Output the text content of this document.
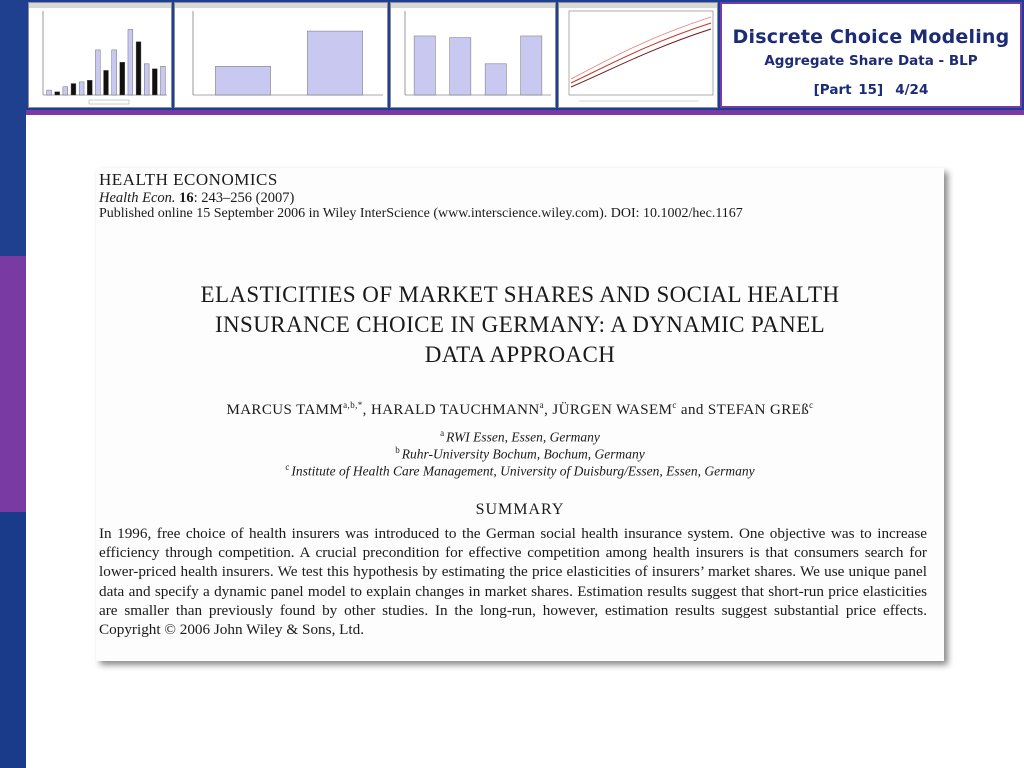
Discrete Choice Modeling
Aggregate Share Data - BLP
[Part 15] 4/24
HEALTH ECONOMICS
Health Econ. 16: 243–256 (2007)
Published online 15 September 2006 in Wiley InterScience (www.interscience.wiley.com). DOI: 10.1002/hec.1167
ELASTICITIES OF MARKET SHARES AND SOCIAL HEALTH
INSURANCE CHOICE IN GERMANY: A DYNAMIC PANEL
DATA APPROACH
MARCUS $TAMM^{a,b,*}$, HARALD TAUCHMANN$^a$, JÜRGEN WASEM$^c$ and STEFAN GREß$^c$
$^a$ RWI Essen, Essen, Germany
$^b$ Ruhr-University Bochum, Bochum, Germany
$^c$ Institute of Health Care Management, University of Duisburg/Essen, Essen, Germany
SUMMARY
In 1996, free choice of health insurers was introduced to the German social health insurance system. One objective was to increase efficiency through competition. A crucial precondition for effective competition among health insurers is that consumers search for lower-priced health insurers. We test this hypothesis by estimating the price elasticities of insurers’ market shares. We use unique panel data and specify a dynamic panel model to explain changes in market shares. Estimation results suggest that short-run price elasticities are smaller than previously found by other studies. In the long-run, however, estimation results suggest substantial price effects. Copyright © 2006 John Wiley & Sons, Ltd.
